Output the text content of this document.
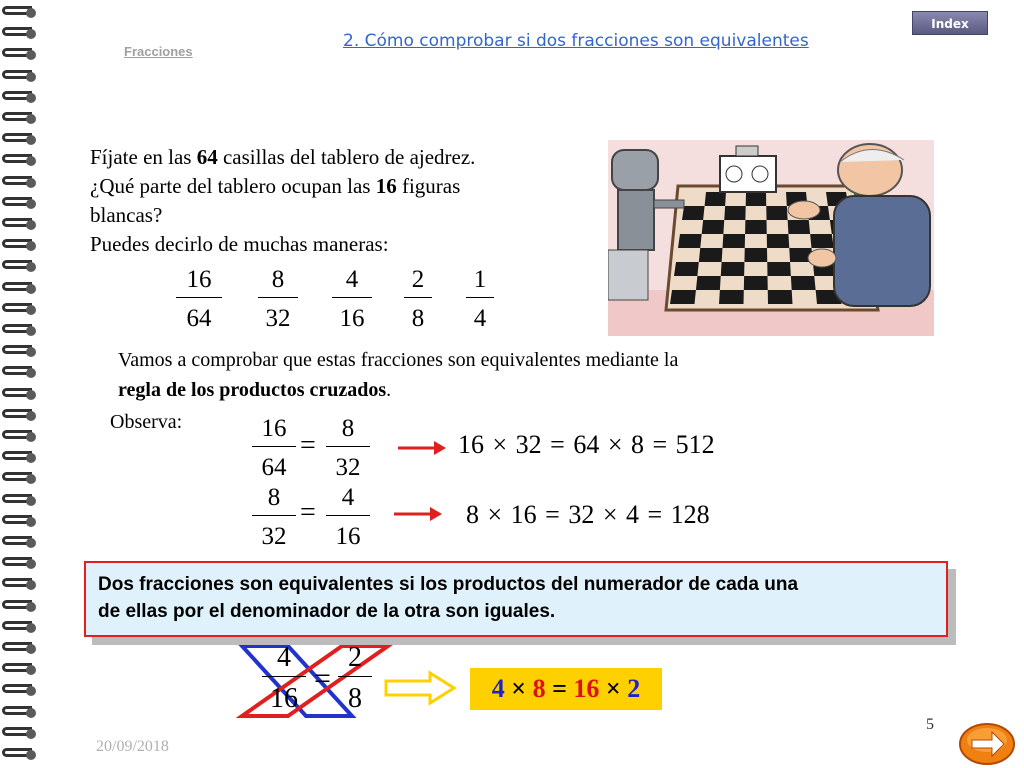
Fracciones
2. Cómo comprobar si dos fracciones son equivalentes
Index
Fíjate en las 64 casillas del tablero de ajedrez.
¿Qué parte del tablero ocupan las 16 figuras
blancas?
Puedes decirlo de muchas maneras:
16
64
8
32
4
16
2
8
1
4
Vamos a comprobar que estas fracciones son equivalentes mediante la
regla de los productos cruzados.
Observa:	16
64
=
8
32
16 × 32 = 64 × 8 = 512
8
32
=	4
16
8 × 16 = 32 × 4 = 128
4
16
=
2
8
Dos fracciones son equivalentes si los productos del numerador de cada una
de ellas por el denominador de la otra son iguales.
4 × 8 = 16 × 2
20/09/2018
5
